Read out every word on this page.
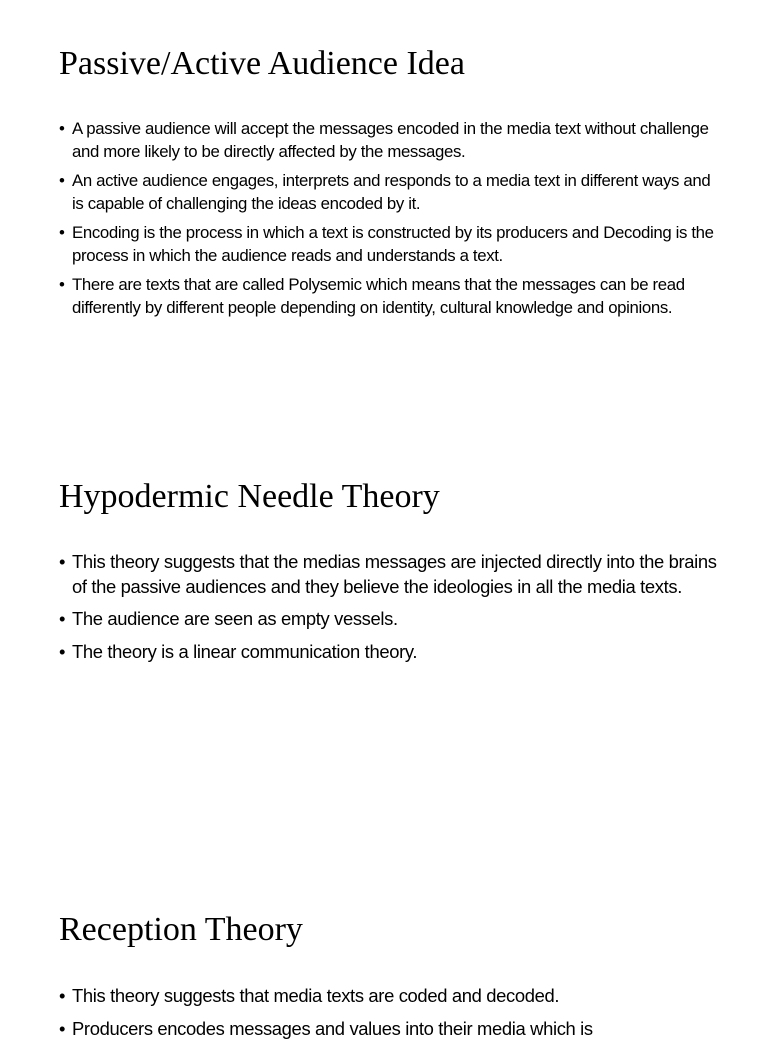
Passive/Active Audience Idea
• A passive audience will accept the messages encoded in the media text without challenge and more likely to be directly affected by the messages.
• An active audience engages, interprets and responds to a media text in different ways and is capable of challenging the ideas encoded by it.
• Encoding is the process in which a text is constructed by its producers and Decoding is the process in which the audience reads and understands a text.
• There are texts that are called Polysemic which means that the messages can be read differently by different people depending on identity, cultural knowledge and opinions.
Hypodermic Needle Theory
• This theory suggests that the medias messages are injected directly into the brains of the passive audiences and they believe the ideologies in all the media texts.
• The audience are seen as empty vessels.
• The theory is a linear communication theory.
Reception Theory
• This theory suggests that media texts are coded and decoded.
• Producers encodes messages and values into their media which is
